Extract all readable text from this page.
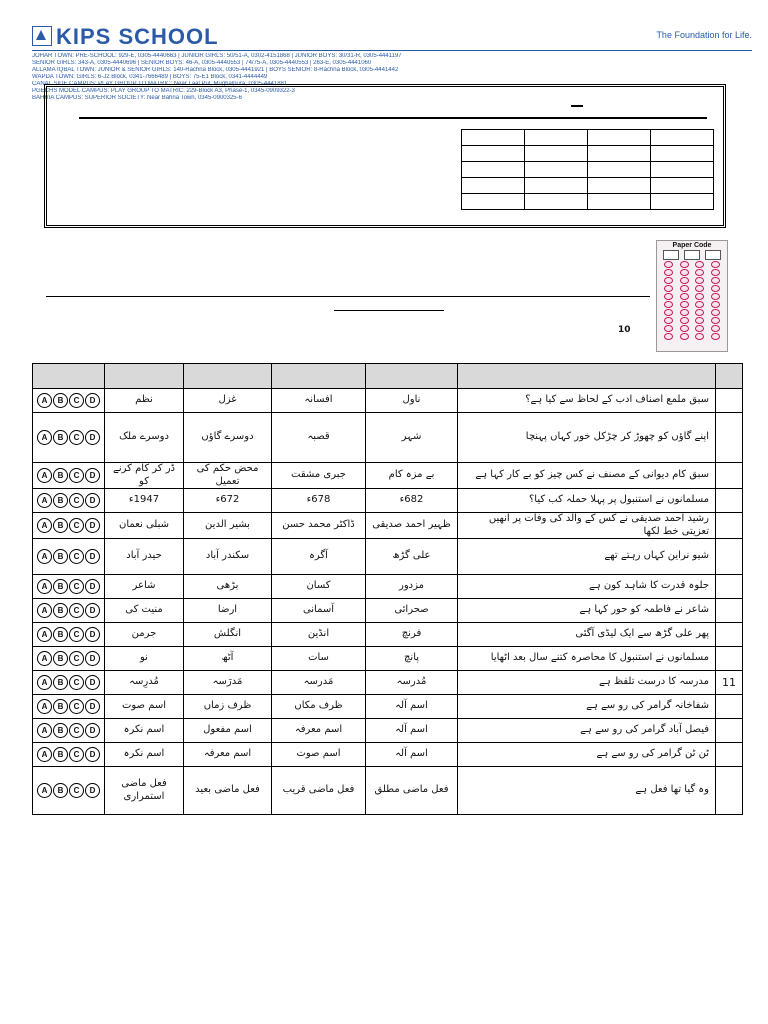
KIPS SCHOOL	The Foundation for Life.
JOHAR TOWN: PRE-SCHOOL: 929-E, 0305-4440663 | JUNIOR GIRLS: 50/51-A, 0302-4151868 | JUNIOR BOYS: 30/31-R, 0305-4441197
SENIOR GIRLS: 343-A, 0305-4440696 | SENIOR BOYS: 46-A, 0305-4440553 | 74/75-A, 0305-4440553 | 263-E, 0305-4441060
ALLAMA IQBAL TOWN: JUNIOR & SENIOR GIRLS: 140-Rachna Block, 0305-4441921 | BOYS SENIOR: 8-Rachna Block, 0305-4441442
WAPDA TOWN: GIRLS: 6-J2 Block, 0341-7666489 | BOYS: 75-E1 Block, 0341-4444449
CANAL SIDE CAMPUS: PLAY GROUP TO MATRIC: Near Laal Pul, Mughalpura, 0305-4441881
PGECHS MODEL CAMPUS: PLAY GROUP TO MATRIC: 229-Block A3, Phase-1, 0345-0909322-3
BAHRIA CAMPUS: SUPERIOR SOCIETY: Near Bahria Town, 0345-0900325-6

Paper Code
10

A B C D	نظم	غزل	افسانہ	ناول	سبق ملمع اصناف ادب کے لحاظ سے کیا ہے؟	

A B C D	دوسرے ملک	دوسرے گاؤں	قصبہ	شہر	اپنے گاؤں کو چھوڑ کر چڑکل خور کہاں پہنچا	

A B C D	ڈر کر کام کرنے کو	محض حکم کی تعمیل	جبری مشقت	بے مزہ کام	سبق کام دیوانی کے مصنف نے کس چیز کو بے کار کہا ہے	

A B C D	1947ء	672ء	678ء	682ء	مسلمانوں نے استنبول پر پہلا حملہ کب کیا؟	

A B C D	شبلی نعمان	بشیر الدین	ڈاکٹر محمد حسن	ظہیر احمد صدیقی	رشید احمد صدیقی نے کس کے والد کی وفات پر انھیں تعزیتی خط لکھا	

A B C D	حیدر آباد	سکندر آباد	آگرہ	علی گڑھ	شیو نراین کہاں رہتے تھے	

A B C D	شاعر	بڑھی	کسان	مزدور	جلوہ قدرت کا شاہد کون ہے	

A B C D	منیت کی	ارضا	آسمانی	صحرائی	شاعر نے فاطمہ کو حور کہا ہے	

A B C D	جرمن	انگلش	انڈین	فرنچ	پھر علی گڑھ سے ایک لیڈی آگئی	

A B C D	نو	آٹھ	سات	پانچ	مسلمانوں نے استنبول کا محاصرہ کتنے سال بعد اٹھایا	

A B C D	مُدرِسہ	مَدرَسہ	مَدرسہ	مُدرسہ	مدرسہ کا درست تلفظ ہے	11

A B C D	اسم صوت	ظرف زماں	ظرف مکاں	اسم آلہ	شفاخانہ گرامر کی رو سے ہے	

A B C D	اسم نکرہ	اسم مفعول	اسم معرفہ	اسم آلہ	فیصل آباد گرامر کی رو سے ہے	

A B C D	اسم نکرہ	اسم معرفہ	اسم صوت	اسم آلہ	ٹن ٹن گرامر کی رو سے ہے	

A B C D	فعل ماضی استمراری	فعل ماضی بعید	فعل ماضی قریب	فعل ماضی مطلق	وہ گیا تھا فعل ہے	
